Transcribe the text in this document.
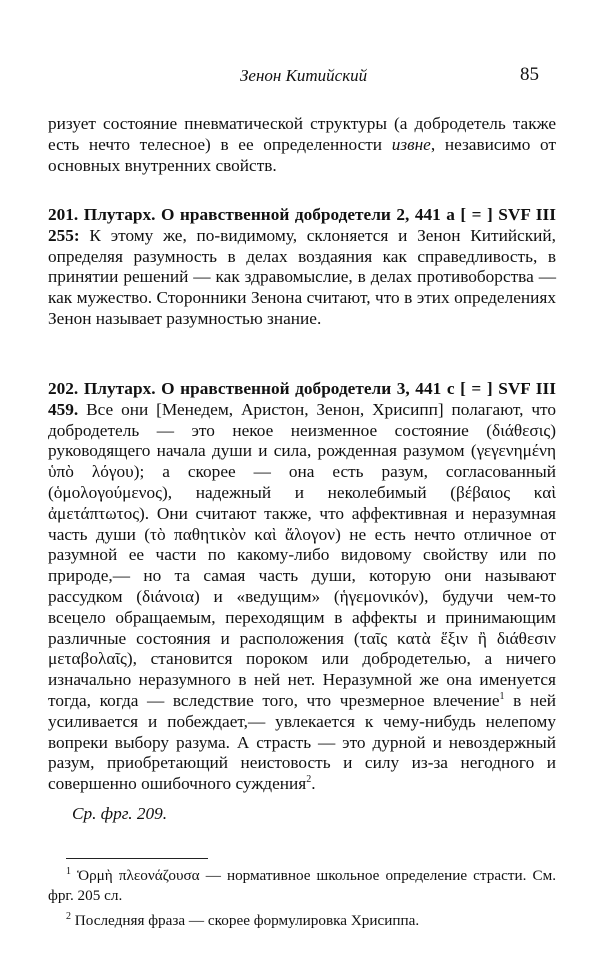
Зенон Китийский	85

ризует состояние пневматической структуры (а добродетель также есть нечто телесное) в ее определенности извне, независимо от основных внутренних свойств.

201. Плутарх. О нравственной добродетели 2, 441 а [ = ] SVF III 255: К этому же, по-видимому, склоняется и Зенон Китийский, определяя разумность в делах воздаяния как справедливость, в принятии решений — как здравомыслие, в делах противоборства — как мужество. Сторонники Зенона считают, что в этих определениях Зенон называет разумностью знание.

202. Плутарх. О нравственной добродетели 3, 441 с [ = ] SVF III 459. Все они [Менедем, Аристон, Зенон, Хрисипп] полагают, что добродетель — это некое неизменное состояние (διάθεσις) руководящего начала души и сила, рожденная разумом (γεγενημένη ὑπὸ λόγου); а скорее — она есть разум, согласованный (ὁμολογούμενος), надежный и неколебимый (βέβαιος καὶ ἀμετάπτωτος). Они считают также, что аффективная и неразумная часть души (τὸ παθητικὸν καὶ ἄλογον) не есть нечто отличное от разумной ее части по какому-либо видовому свойству или по природе,— но та самая часть души, которую они называют рассудком (διάνοια) и «ведущим» (ἡγεμονικόν), будучи чем-то всецело обращаемым, переходящим в аффекты и принимающим различные состояния и расположения (ταῖς κατὰ ἕξιν ἢ διάθεσιν μεταβολαῖς), становится пороком или добродетелью, а ничего изначально неразумного в ней нет. Неразумной же она именуется тогда, когда — вследствие того, что чрезмерное влечение$^1$ в ней усиливается и побеждает,— увлекается к чему-нибудь нелепому вопреки выбору разума. А страсть — это дурной и невоздержный разум, приобретающий неистовость и силу из-за негодного и совершенно ошибочного суждения$^2$.

Ср. фрг. 209.

$^1$ Ὁρμὴ πλεονάζουσα — нормативное школьное определение страсти. См. фрг. 205 сл.

$^2$ Последняя фраза — скорее формулировка Хрисиппа.
